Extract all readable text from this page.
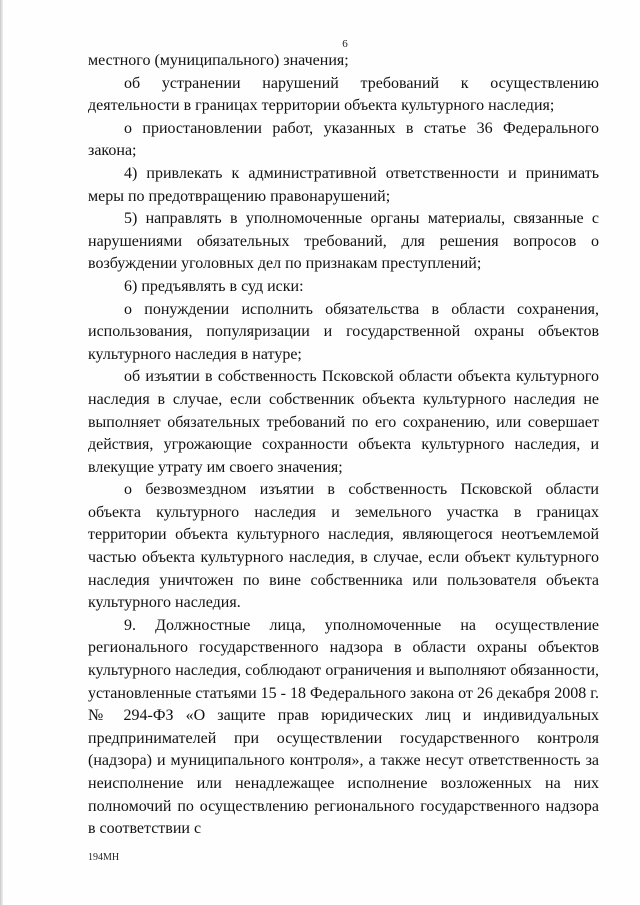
6

местного (муниципального) значения;

об устранении нарушений требований к осуществлению деятельности в границах территории объекта культурного наследия;

о приостановлении работ, указанных в статье 36 Федерального закона;

4) привлекать к административной ответственности и принимать меры по предотвращению правонарушений;

5) направлять в уполномоченные органы материалы, связанные с нарушениями обязательных требований, для решения вопросов о возбуждении уголовных дел по признакам преступлений;

6) предъявлять в суд иски:

о понуждении исполнить обязательства в области сохранения, использования, популяризации и государственной охраны объектов культурного наследия в натуре;

об изъятии в собственность Псковской области объекта культурного наследия в случае, если собственник объекта культурного наследия не выполняет обязательных требований по его сохранению, или совершает действия, угрожающие сохранности объекта культурного наследия, и влекущие утрату им своего значения;

о безвозмездном изъятии в собственность Псковской области объекта культурного наследия и земельного участка в границах территории объекта культурного наследия, являющегося неотъемлемой частью объекта культурного наследия, в случае, если объект культурного наследия уничтожен по вине собственника или пользователя объекта культурного наследия.

9. Должностные лица, уполномоченные на осуществление регионального государственного надзора в области охраны объектов культурного наследия, соблюдают ограничения и выполняют обязанности, установленные статьями 15 - 18 Федерального закона от 26 декабря 2008 г. № 294-ФЗ «О защите прав юридических лиц и индивидуальных предпринимателей при осуществлении государственного контроля (надзора) и муниципального контроля», а также несут ответственность за неисполнение или ненадлежащее исполнение возложенных на них полномочий по осуществлению регионального государственного надзора в соответствии с

194МН
